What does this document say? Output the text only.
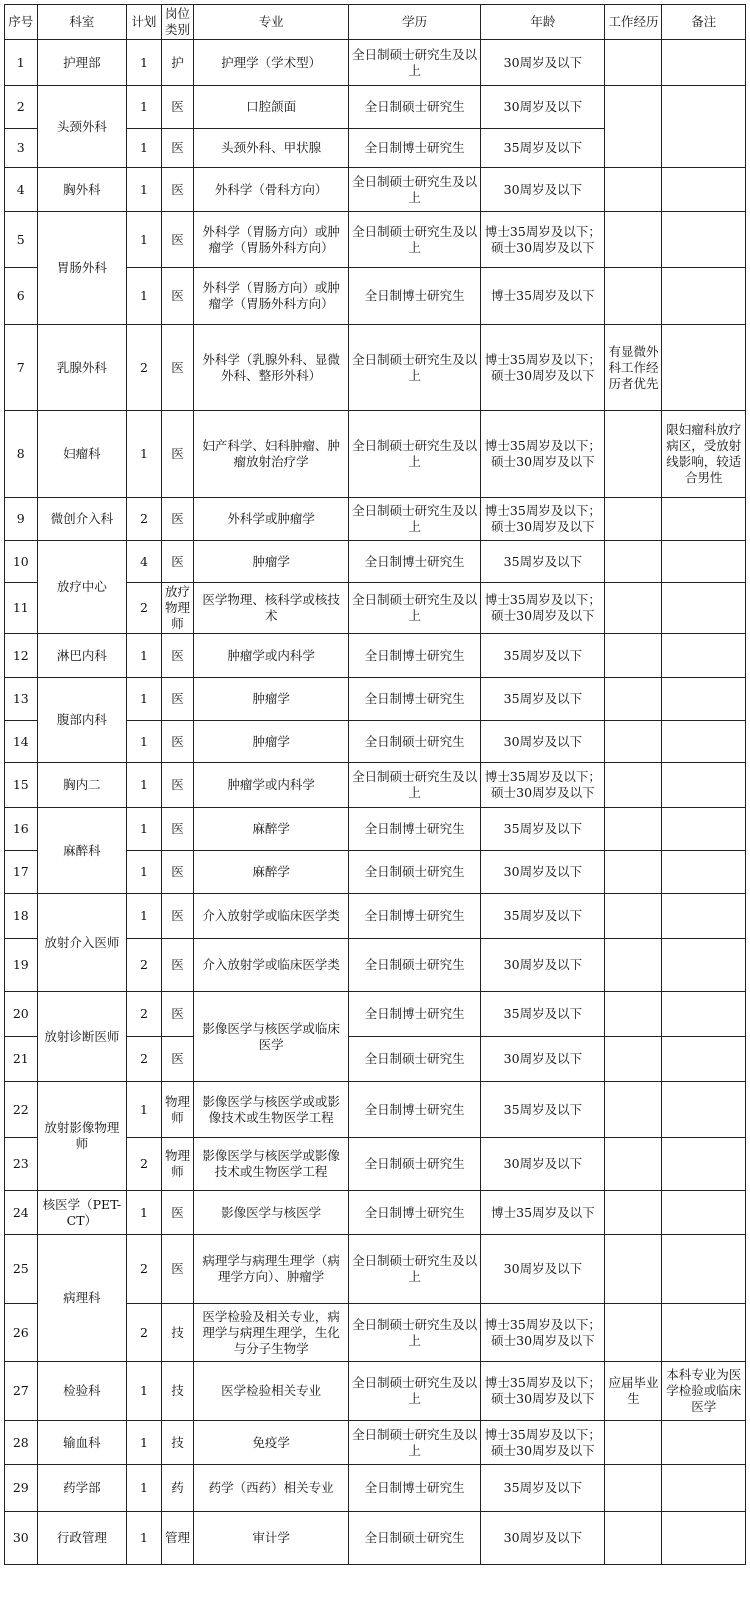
序号	科室	计划	岗位类别	专业	学历	年龄	工作经历	备注
1	护理部	1	护	护理学（学术型）	全日制硕士研究生及以上	30周岁及以下		
2	头颈外科	1	医	口腔颌面	全日制硕士研究生	30周岁及以下		
3		1	医	头颈外科、甲状腺	全日制博士研究生	35周岁及以下		
4	胸外科	1	医	外科学（骨科方向）	全日制硕士研究生及以上	30周岁及以下		
5	胃肠外科	1	医	外科学（胃肠方向）或肿瘤学（胃肠外科方向）	全日制硕士研究生及以上	博士35周岁及以下；硕士30周岁及以下		
6		1	医	外科学（胃肠方向）或肿瘤学（胃肠外科方向）	全日制博士研究生	博士35周岁及以下		
7	乳腺外科	2	医	外科学（乳腺外科、显微外科、整形外科）	全日制硕士研究生及以上	博士35周岁及以下；硕士30周岁及以下	有显微外科工作经历者优先	
8	妇瘤科	1	医	妇产科学、妇科肿瘤、肿瘤放射治疗学	全日制硕士研究生及以上	博士35周岁及以下；硕士30周岁及以下		限妇瘤科放疗病区，受放射线影响，较适合男性
9	微创介入科	2	医	外科学或肿瘤学	全日制硕士研究生及以上	博士35周岁及以下；硕士30周岁及以下		
10	放疗中心	4	医	肿瘤学	全日制博士研究生	35周岁及以下		
11		2	放疗物理师	医学物理、核科学或核技术	全日制硕士研究生及以上	博士35周岁及以下；硕士30周岁及以下		
12	淋巴内科	1	医	肿瘤学或内科学	全日制博士研究生	35周岁及以下		
13	腹部内科	1	医	肿瘤学	全日制博士研究生	35周岁及以下		
14		1	医	肿瘤学	全日制硕士研究生	30周岁及以下		
15	胸内二	1	医	肿瘤学或内科学	全日制硕士研究生及以上	博士35周岁及以下；硕士30周岁及以下		
16	麻醉科	1	医	麻醉学	全日制博士研究生	35周岁及以下		
17		1	医	麻醉学	全日制硕士研究生	30周岁及以下		
18	放射介入医师	1	医	介入放射学或临床医学类	全日制博士研究生	35周岁及以下		
19		2	医	介入放射学或临床医学类	全日制硕士研究生	30周岁及以下		
20	放射诊断医师	2	医	影像医学与核医学或临床医学	全日制博士研究生	35周岁及以下		
21		2	医		全日制硕士研究生	30周岁及以下		
22	放射影像物理师	1	物理师	影像医学与核医学或或影像技术或生物医学工程	全日制博士研究生	35周岁及以下		
23		2	物理师	影像医学与核医学或影像技术或生物医学工程	全日制硕士研究生	30周岁及以下		
24	核医学（PET-CT）	1	医	影像医学与核医学	全日制博士研究生	博士35周岁及以下		
25	病理科	2	医	病理学与病理生理学（病理学方向）、肿瘤学	全日制硕士研究生及以上	30周岁及以下		
26		2	技	医学检验及相关专业，病理学与病理生理学，生化与分子生物学	全日制硕士研究生及以上	博士35周岁及以下；硕士30周岁及以下		
27	检验科	1	技	医学检验相关专业	全日制硕士研究生及以上	博士35周岁及以下；硕士30周岁及以下	应届毕业生	本科专业为医学检验或临床医学
28	输血科	1	技	免疫学	全日制硕士研究生及以上	博士35周岁及以下；硕士30周岁及以下		
29	药学部	1	药	药学（西药）相关专业	全日制博士研究生	35周岁及以下		
30	行政管理	1	管理	审计学	全日制硕士研究生	30周岁及以下		
